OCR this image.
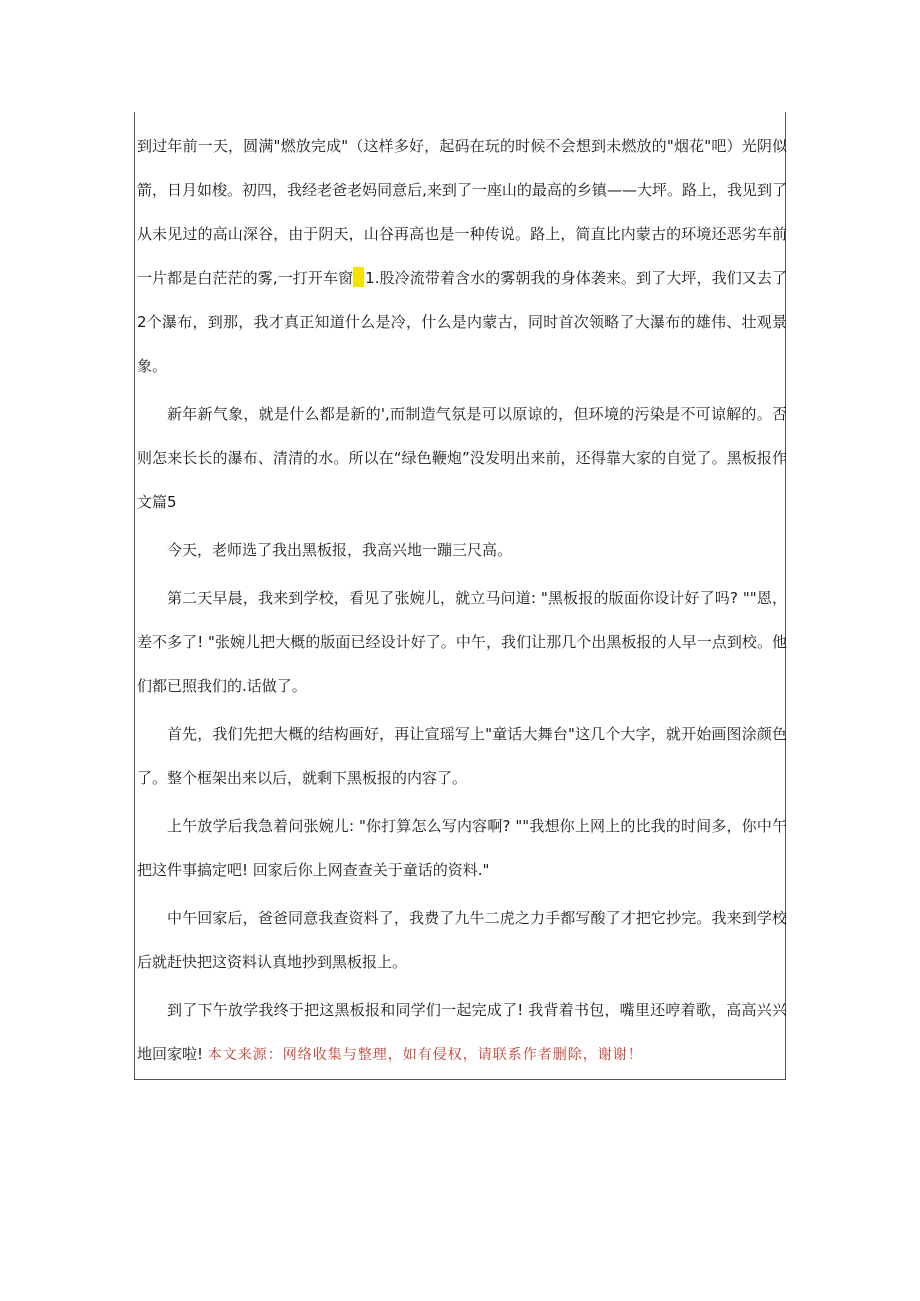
到过年前一天，圆满"燃放完成"（这样多好，起码在玩的时候不会想到未燃放的"烟花"吧）光阴似箭，日月如梭。初四，我经老爸老妈同意后,来到了一座山的最高的乡镇——大坪。路上，我见到了从未见过的高山深谷，由于阴天，山谷再高也是一种传说。路上，简直比内蒙古的环境还恶劣车前一片都是白茫茫的雾,一打开车窗 1.股冷流带着含水的雾朝我的身体袭来。到了大坪，我们又去了2个瀑布，到那，我才真正知道什么是冷，什么是内蒙古，同时首次领略了大瀑布的雄伟、壮观景象。

新年新气象，就是什么都是新的',而制造气氛是可以原谅的，但环境的污染是不可谅解的。否则怎来长长的瀑布、清清的水。所以在“绿色鞭炮”没发明出来前，还得靠大家的自觉了。黑板报作文篇5

今天，老师选了我出黑板报，我高兴地一蹦三尺高。

第二天早晨，我来到学校，看见了张婉儿，就立马问道: "黑板报的版面你设计好了吗? ""恩，差不多了! "张婉儿把大概的版面已经设计好了。中午，我们让那几个出黑板报的人早一点到校。他们都已照我们的.话做了。

首先，我们先把大概的结构画好，再让宣瑶写上"童话大舞台"这几个大字，就开始画图涂颜色了。整个框架出来以后，就剩下黑板报的内容了。

上午放学后我急着问张婉儿: "你打算怎么写内容啊? ""我想你上网上的比我的时间多，你中午把这件事搞定吧! 回家后你上网查查关于童话的资料."

中午回家后，爸爸同意我查资料了，我费了九牛二虎之力手都写酸了才把它抄完。我来到学校后就赶快把这资料认真地抄到黑板报上。

到了下午放学我终于把这黑板报和同学们一起完成了! 我背着书包，嘴里还哼着歌，高高兴兴地回家啦! 本文来源：网络收集与整理，如有侵权，请联系作者删除，谢谢！
